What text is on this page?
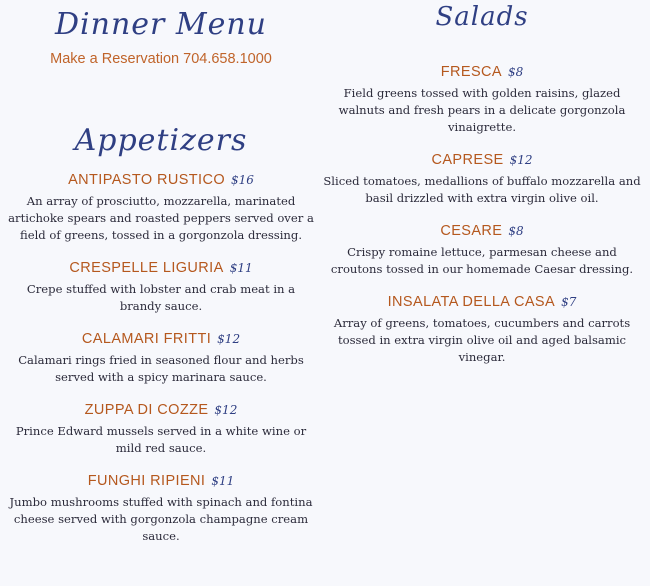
Dinner Menu
Make a Reservation 704.658.1000
Appetizers
ANTIPASTO RUSTICO $16
An array of prosciutto, mozzarella, marinated artichoke spears and roasted peppers served over a field of greens, tossed in a gorgonzola dressing.
CRESPELLE LIGURIA $11
Crepe stuffed with lobster and crab meat in a brandy sauce.
CALAMARI FRITTI $12
Calamari rings fried in seasoned flour and herbs served with a spicy marinara sauce.
ZUPPA DI COZZE $12
Prince Edward mussels served in a white wine or mild red sauce.
FUNGHI RIPIENI $11
Jumbo mushrooms stuffed with spinach and fontina cheese served with gorgonzola champagne cream sauce.
Salads
FRESCA $8
Field greens tossed with golden raisins, glazed walnuts and fresh pears in a delicate gorgonzola vinaigrette.
CAPRESE $12
Sliced tomatoes, medallions of buffalo mozzarella and basil drizzled with extra virgin olive oil.
CESARE $8
Crispy romaine lettuce, parmesan cheese and croutons tossed in our homemade Caesar dressing.
INSALATA DELLA CASA $7
Array of greens, tomatoes, cucumbers and carrots tossed in extra virgin olive oil and aged balsamic vinegar.
